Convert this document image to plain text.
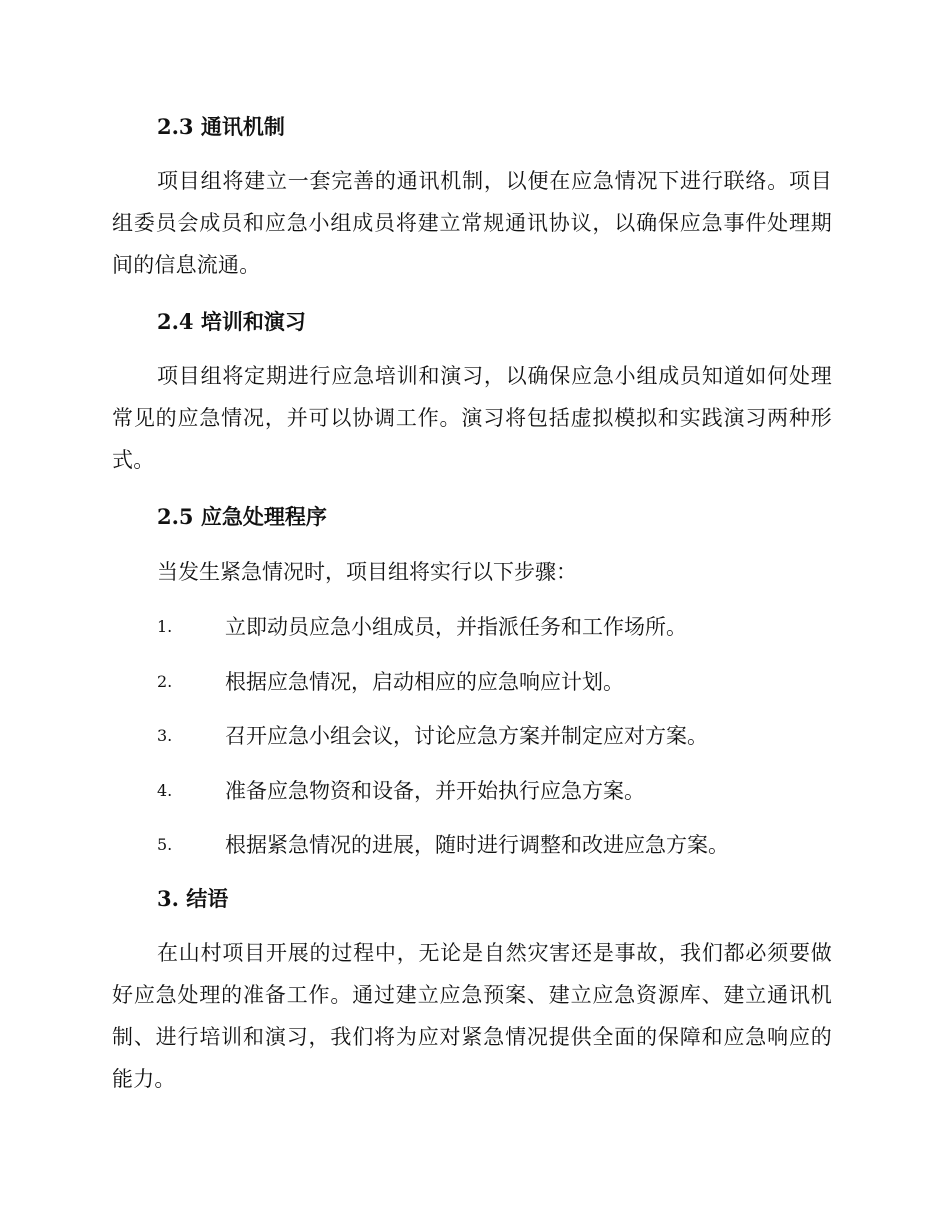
2.3 通讯机制
项目组将建立一套完善的通讯机制，以便在应急情况下进行联络。项目组委员会成员和应急小组成员将建立常规通讯协议，以确保应急事件处理期间的信息流通。
2.4 培训和演习
项目组将定期进行应急培训和演习，以确保应急小组成员知道如何处理常见的应急情况，并可以协调工作。演习将包括虚拟模拟和实践演习两种形式。
2.5 应急处理程序
当发生紧急情况时，项目组将实行以下步骤：
1.	立即动员应急小组成员，并指派任务和工作场所。
2.	根据应急情况，启动相应的应急响应计划。
3.	召开应急小组会议，讨论应急方案并制定应对方案。
4.	准备应急物资和设备，并开始执行应急方案。
5.	根据紧急情况的进展，随时进行调整和改进应急方案。
3. 结语
在山村项目开展的过程中，无论是自然灾害还是事故，我们都必须要做好应急处理的准备工作。通过建立应急预案、建立应急资源库、建立通讯机制、进行培训和演习，我们将为应对紧急情况提供全面的保障和应急响应的能力。
